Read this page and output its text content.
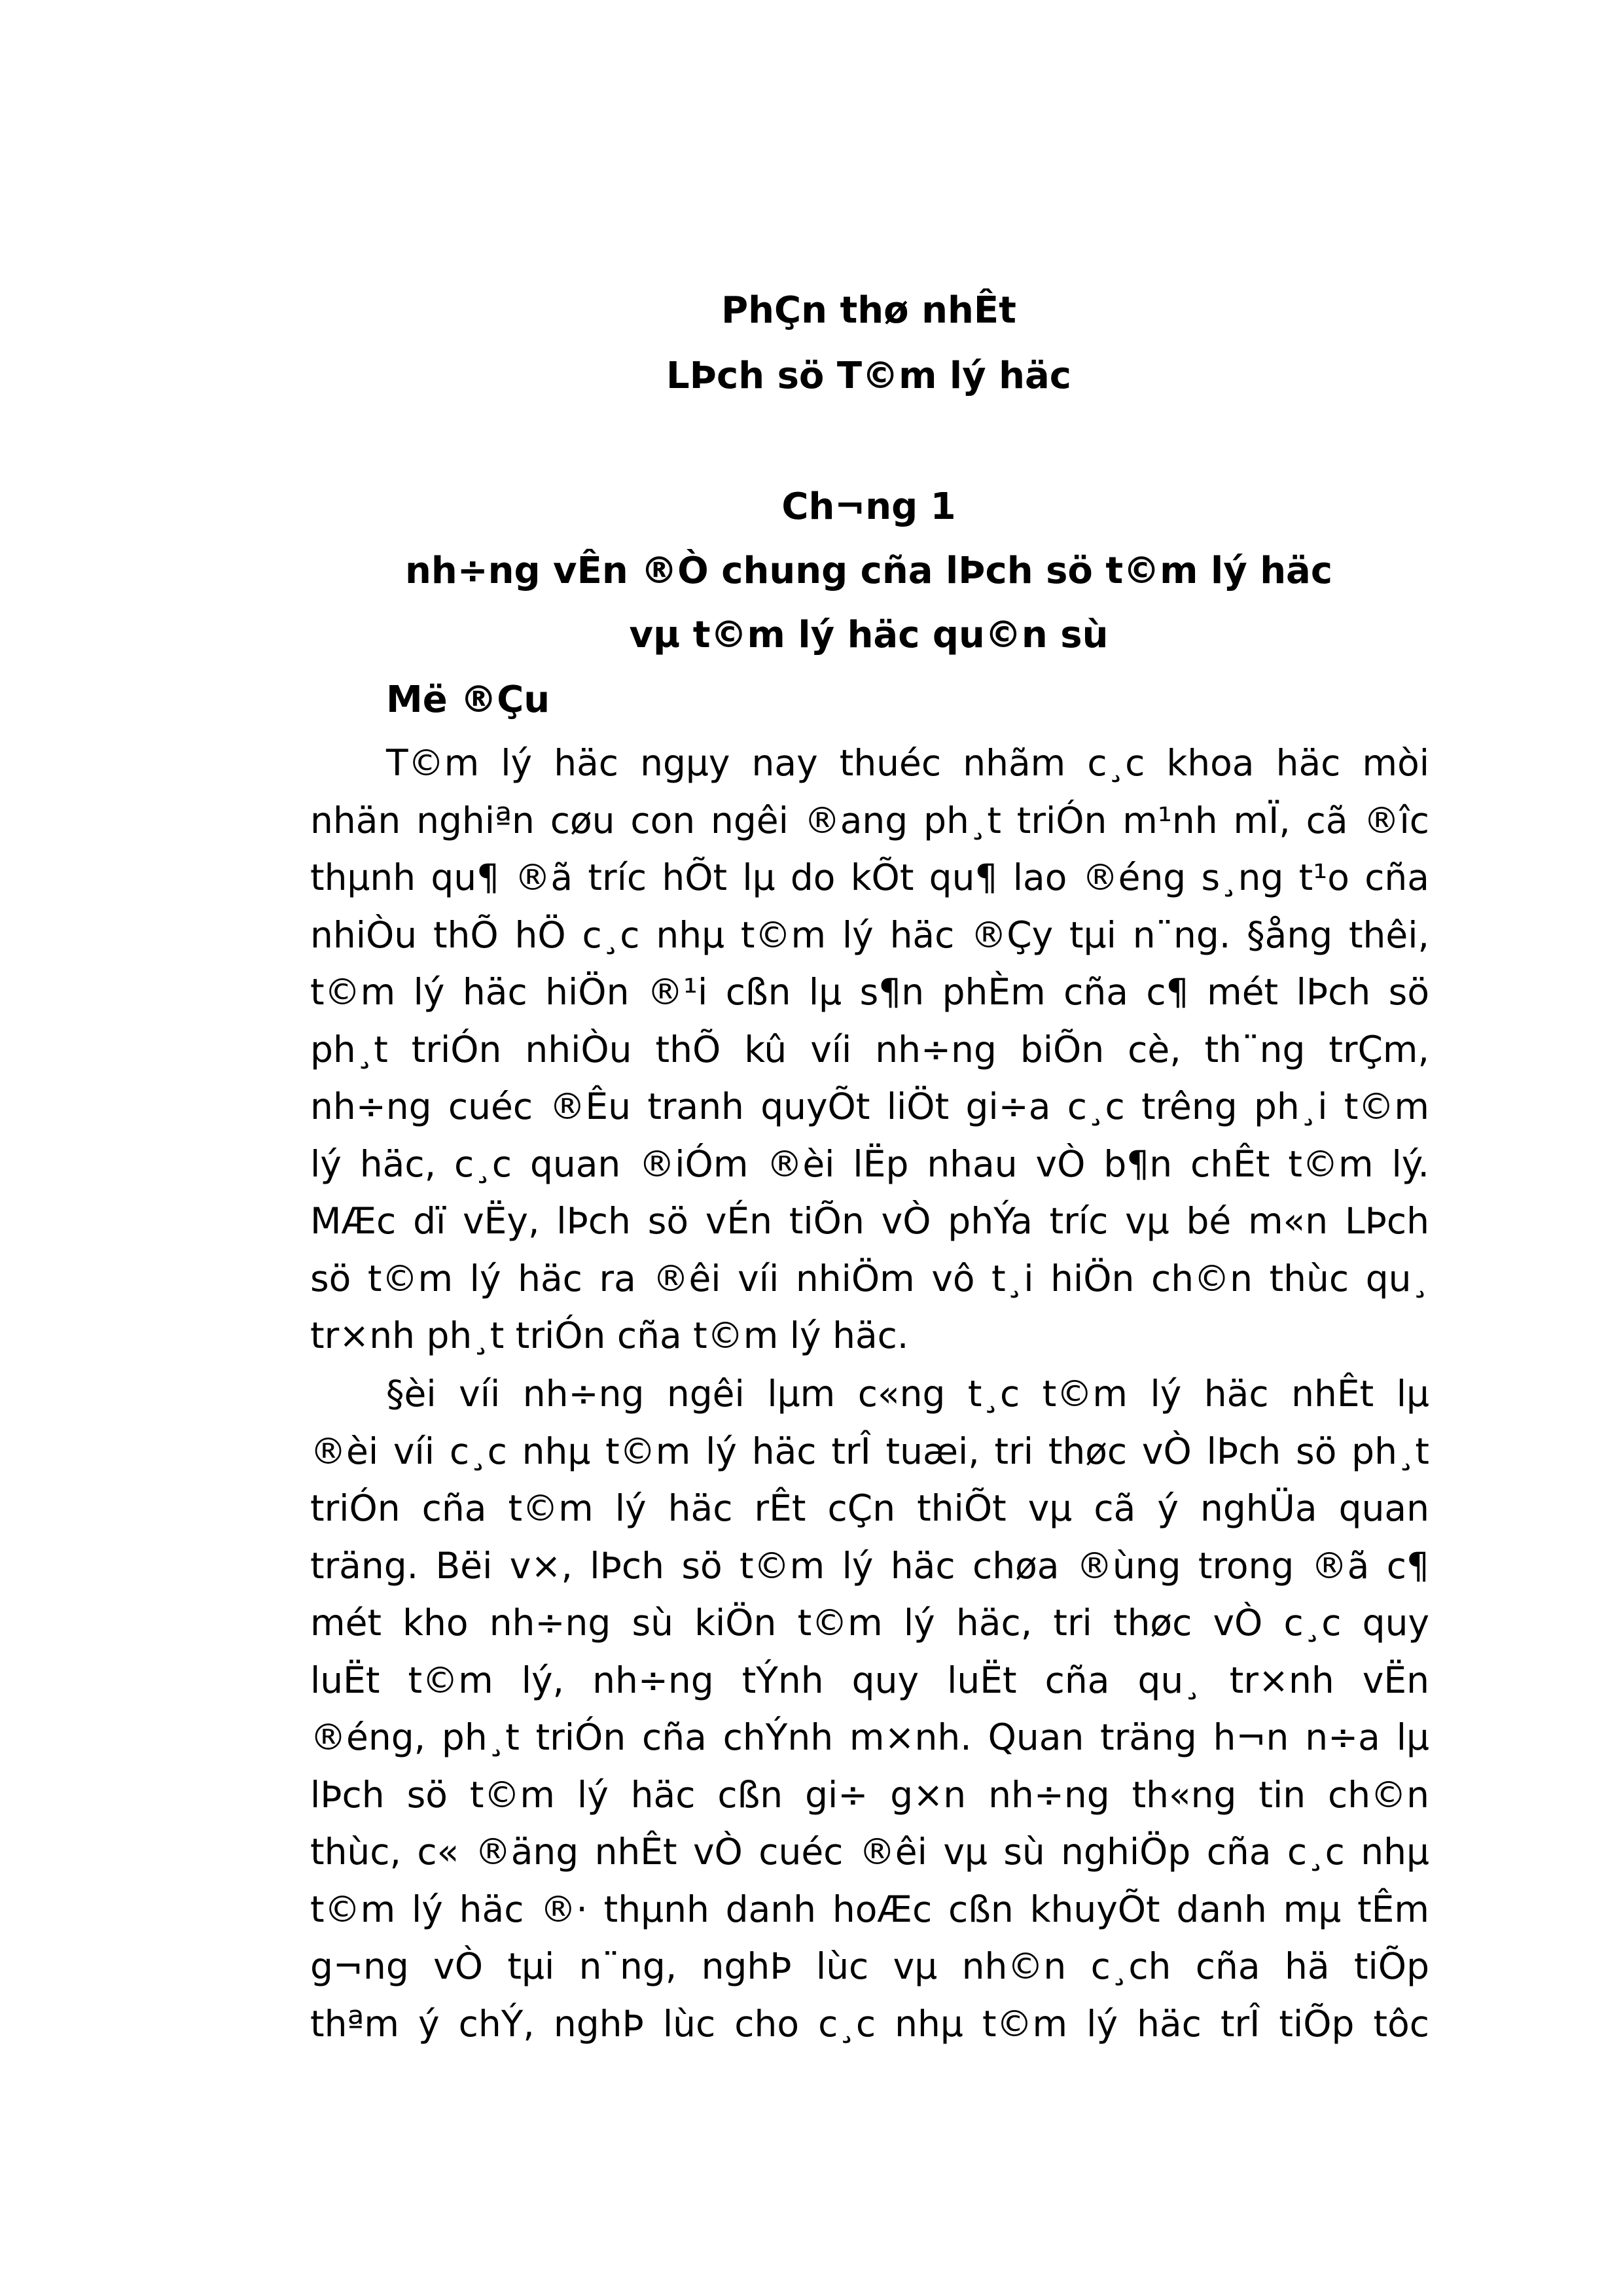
PhÇn thø nhÊt
LÞch sö T©m lý häc
Ch¬ng 1
nh÷ng vÊn ®Ò chung cña lÞch sö t©m lý häc
vµ t©m lý häc qu©n sù
Më ®Çu
T©m lý häc ngµy nay thuéc nhãm c¸c khoa häc mòi
nhän nghiªn cøu con ngêi ®ang ph¸t triÓn m¹nh mÏ, cã ®îc
thµnh qu¶ ®ã tríc hÕt lµ do kÕt qu¶ lao ®éng s¸ng t¹o cña
nhiÒu thÕ hÖ c¸c nhµ t©m lý häc ®Çy tµi n¨ng. §ång thêi,
t©m lý häc hiÖn ®¹i cßn lµ s¶n phÈm cña c¶ mét lÞch sö
ph¸t triÓn nhiÒu thÕ kû víi nh÷ng biÕn cè, th¨ng trÇm,
nh÷ng cuéc ®Êu tranh quyÕt liÖt gi÷a c¸c trêng ph¸i t©m
lý häc, c¸c quan ®iÓm ®èi lËp nhau vÒ b¶n chÊt t©m lý.
MÆc dï vËy, lÞch sö vÉn tiÕn vÒ phÝa tríc vµ bé m«n LÞch
sö t©m lý häc ra ®êi víi nhiÖm vô t¸i hiÖn ch©n thùc qu¸
tr×nh ph¸t triÓn cña t©m lý häc.
§èi víi nh÷ng ngêi lµm c«ng t¸c t©m lý häc nhÊt lµ
®èi víi c¸c nhµ t©m lý häc trÎ tuæi, tri thøc vÒ lÞch sö ph¸t
triÓn cña t©m lý häc rÊt cÇn thiÕt vµ cã ý nghÜa quan
träng. Bëi v×, lÞch sö t©m lý häc chøa ®ùng trong ®ã c¶
mét kho nh÷ng sù kiÖn t©m lý häc, tri thøc vÒ c¸c quy
luËt t©m lý, nh÷ng tÝnh quy luËt cña qu¸ tr×nh vËn
®éng, ph¸t triÓn cña chÝnh m×nh. Quan träng h¬n n÷a lµ
lÞch sö t©m lý häc cßn gi÷ g×n nh÷ng th«ng tin ch©n
thùc, c« ®äng nhÊt vÒ cuéc ®êi vµ sù nghiÖp cña c¸c nhµ
t©m lý häc ®· thµnh danh hoÆc cßn khuyÕt danh mµ tÊm
g¬ng vÒ tµi n¨ng, nghÞ lùc vµ nh©n c¸ch cña hä tiÕp
thªm ý chÝ, nghÞ lùc cho c¸c nhµ t©m lý häc trÎ tiÕp tôc
